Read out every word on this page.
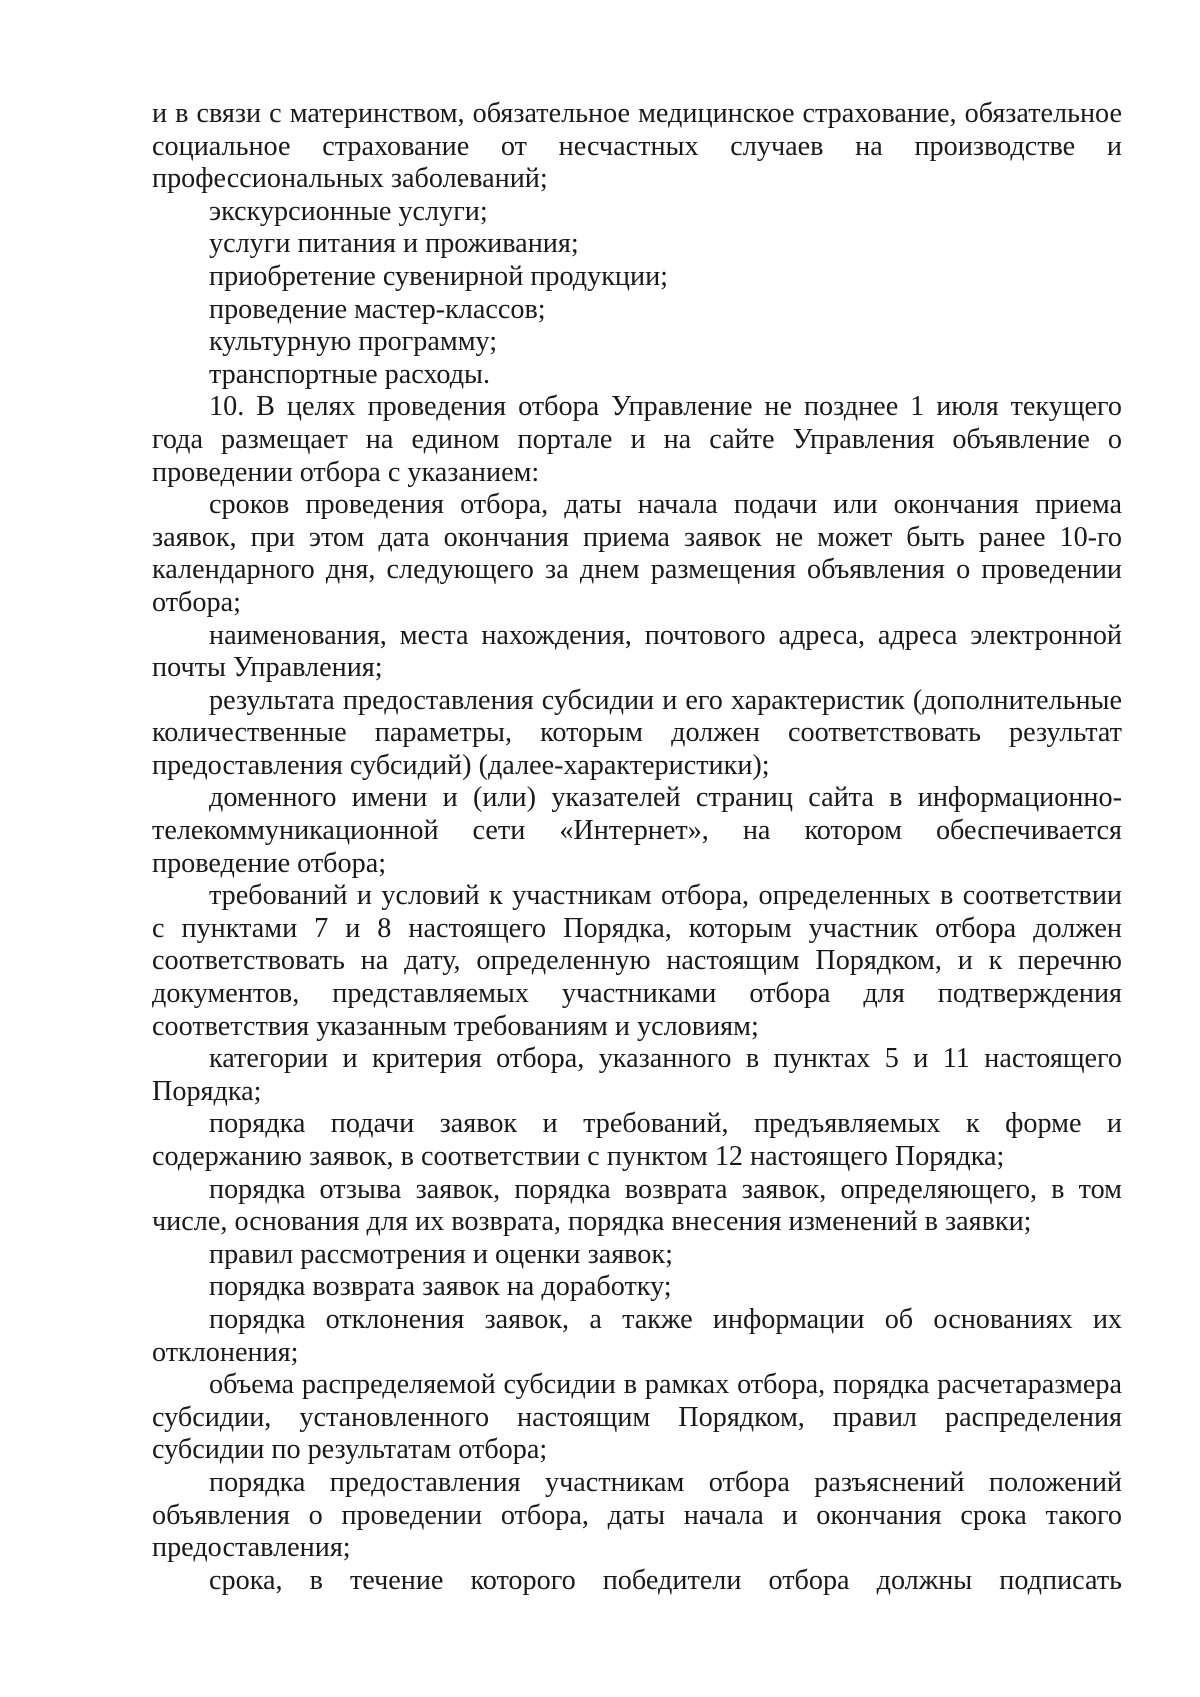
и в связи с материнством, обязательное медицинское страхование, обязательное социальное страхование от несчастных случаев на производстве и профессиональных заболеваний;

экскурсионные услуги;

услуги питания и проживания;

приобретение сувенирной продукции;

проведение мастер-классов;

культурную программу;

транспортные расходы.

10. В целях проведения отбора Управление не позднее 1 июля текущего года размещает на едином портале и на сайте Управления объявление о проведении отбора с указанием:

сроков проведения отбора, даты начала подачи или окончания приема заявок, при этом дата окончания приема заявок не может быть ранее 10-го календарного дня, следующего за днем размещения объявления о проведении отбора;

наименования, места нахождения, почтового адреса, адреса электронной почты Управления;

результата предоставления субсидии и его характеристик (дополнительные количественные параметры, которым должен соответствовать результат предоставления субсидий) (далее-характеристики);

доменного имени и (или) указателей страниц сайта в информационно-телекоммуникационной сети «Интернет», на котором обеспечивается проведение отбора;

требований и условий к участникам отбора, определенных в соответствии с пунктами 7 и 8 настоящего Порядка, которым участник отбора должен соответствовать на дату, определенную настоящим Порядком, и к перечню документов, представляемых участниками отбора для подтверждения соответствия указанным требованиям и условиям;

категории и критерия отбора, указанного в пунктах 5 и 11 настоящего Порядка;

порядка подачи заявок и требований, предъявляемых к форме и содержанию заявок, в соответствии с пунктом 12 настоящего Порядка;

порядка отзыва заявок, порядка возврата заявок, определяющего, в том числе, основания для их возврата, порядка внесения изменений в заявки;

правил рассмотрения и оценки заявок;

порядка возврата заявок на доработку;

порядка отклонения заявок, а также информации об основаниях их отклонения;

объема распределяемой субсидии в рамках отбора, порядка расчетаразмера субсидии, установленного настоящим Порядком, правил распределения субсидии по результатам отбора;

порядка предоставления участникам отбора разъяснений положений объявления о проведении отбора, даты начала и окончания срока такого предоставления;

срока, в течение которого победители отбора должны подписать
